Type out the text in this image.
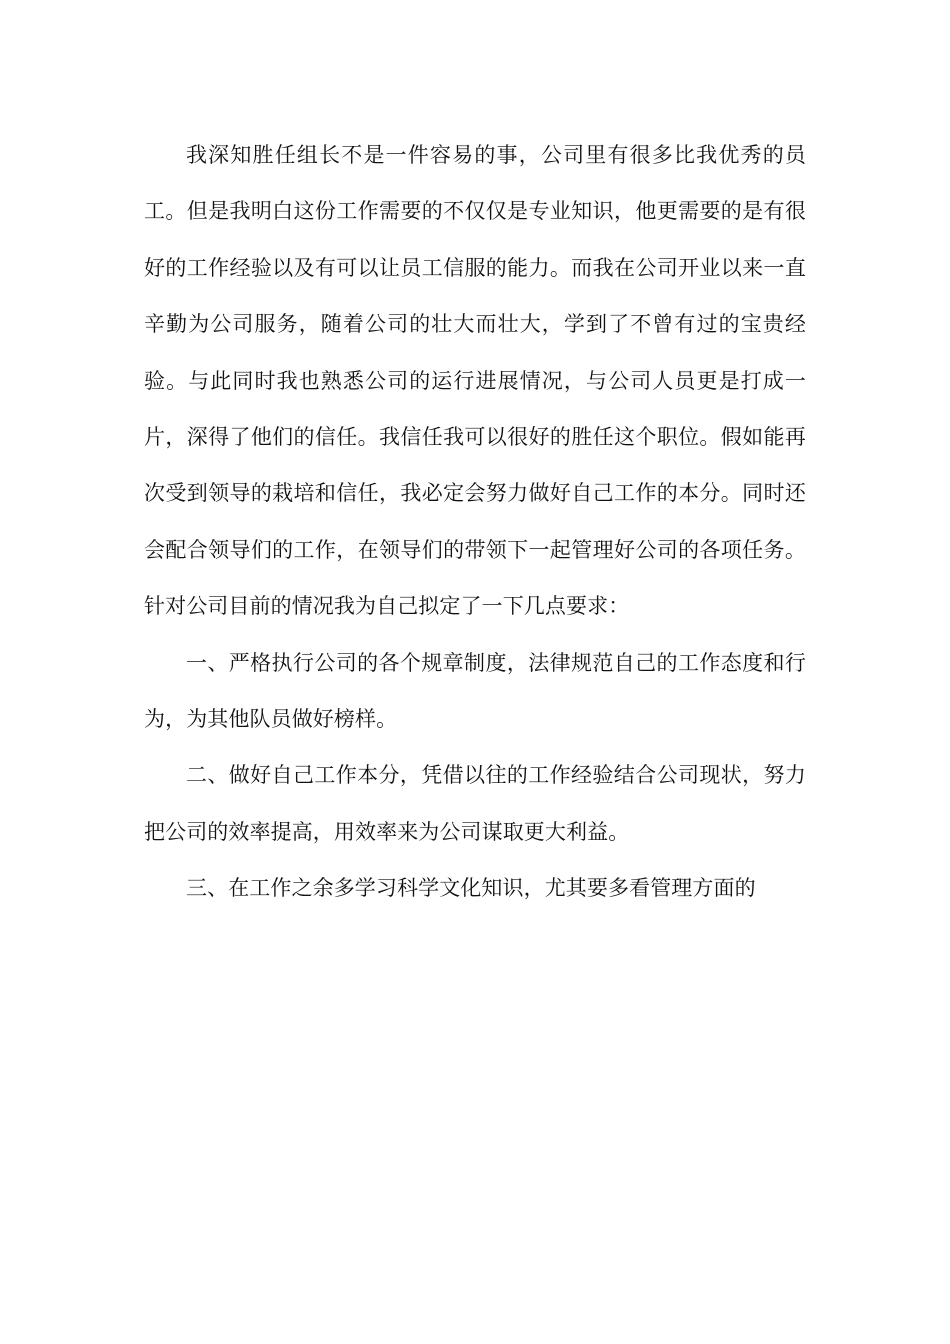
我深知胜任组长不是一件容易的事，公司里有很多比我优秀的员工。但是我明白这份工作需要的不仅仅是专业知识，他更需要的是有很好的工作经验以及有可以让员工信服的能力。而我在公司开业以来一直辛勤为公司服务，随着公司的壮大而壮大，学到了不曾有过的宝贵经验。与此同时我也熟悉公司的运行进展情况，与公司人员更是打成一片，深得了他们的信任。我信任我可以很好的胜任这个职位。假如能再次受到领导的栽培和信任，我必定会努力做好自己工作的本分。同时还会配合领导们的工作，在领导们的带领下一起管理好公司的各项任务。针对公司目前的情况我为自己拟定了一下几点要求：

一、严格执行公司的各个规章制度，法律规范自己的工作态度和行为，为其他队员做好榜样。

二、做好自己工作本分，凭借以往的工作经验结合公司现状，努力把公司的效率提高，用效率来为公司谋取更大利益。

三、在工作之余多学习科学文化知识，尤其要多看管理方面的
